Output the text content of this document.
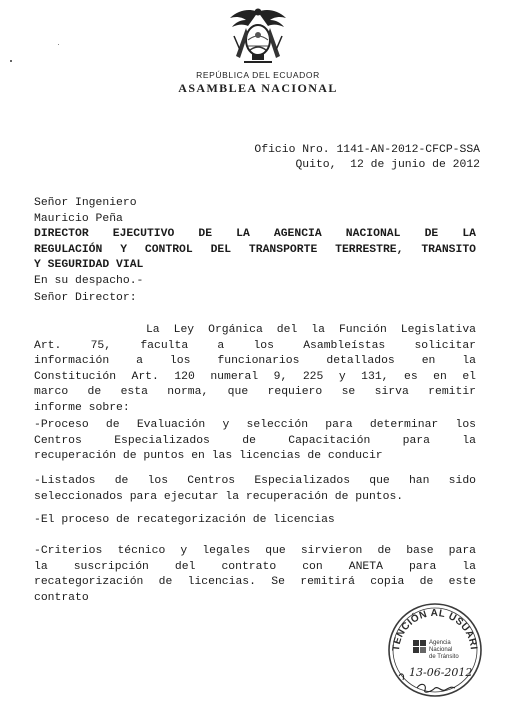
REPÚBLICA DEL ECUADOR
ASAMBLEA NACIONAL
Oficio Nro. 1141-AN-2012-CFCP-SSA
Quito,  12 de junio de 2012
Señor Ingeniero
Mauricio Peña
DIRECTOR EJECUTIVO DE LA AGENCIA NACIONAL DE LA
REGULACIÓN Y CONTROL DEL TRANSPORTE TERRESTRE, TRANSITO
Y SEGURIDAD VIAL
En su despacho.-
Señor Director:
La Ley Orgánica del la Función Legislativa
Art. 75, faculta a los Asambleístas solicitar
información a los funcionarios detallados en la
Constitución Art. 120 numeral 9, 225 y 131, es en el
marco de esta norma, que requiero se sirva remitir
informe sobre:
-Proceso de Evaluación y selección para determinar los
Centros Especializados de Capacitación para la
recuperación de puntos en las licencias de conducir
-Listados de los Centros Especializados que han sido
seleccionados para ejecutar la recuperación de puntos.
-El proceso de recategorización de licencias
-Criterios técnico y legales que sirvieron de base para
la suscripción del contrato con ANETA para la
recategorización de licencias. Se remitirá copia de este
contrato
TENCIÓN AL USUARI
Agencia
Nacional
de Tránsito
13-06-2012
